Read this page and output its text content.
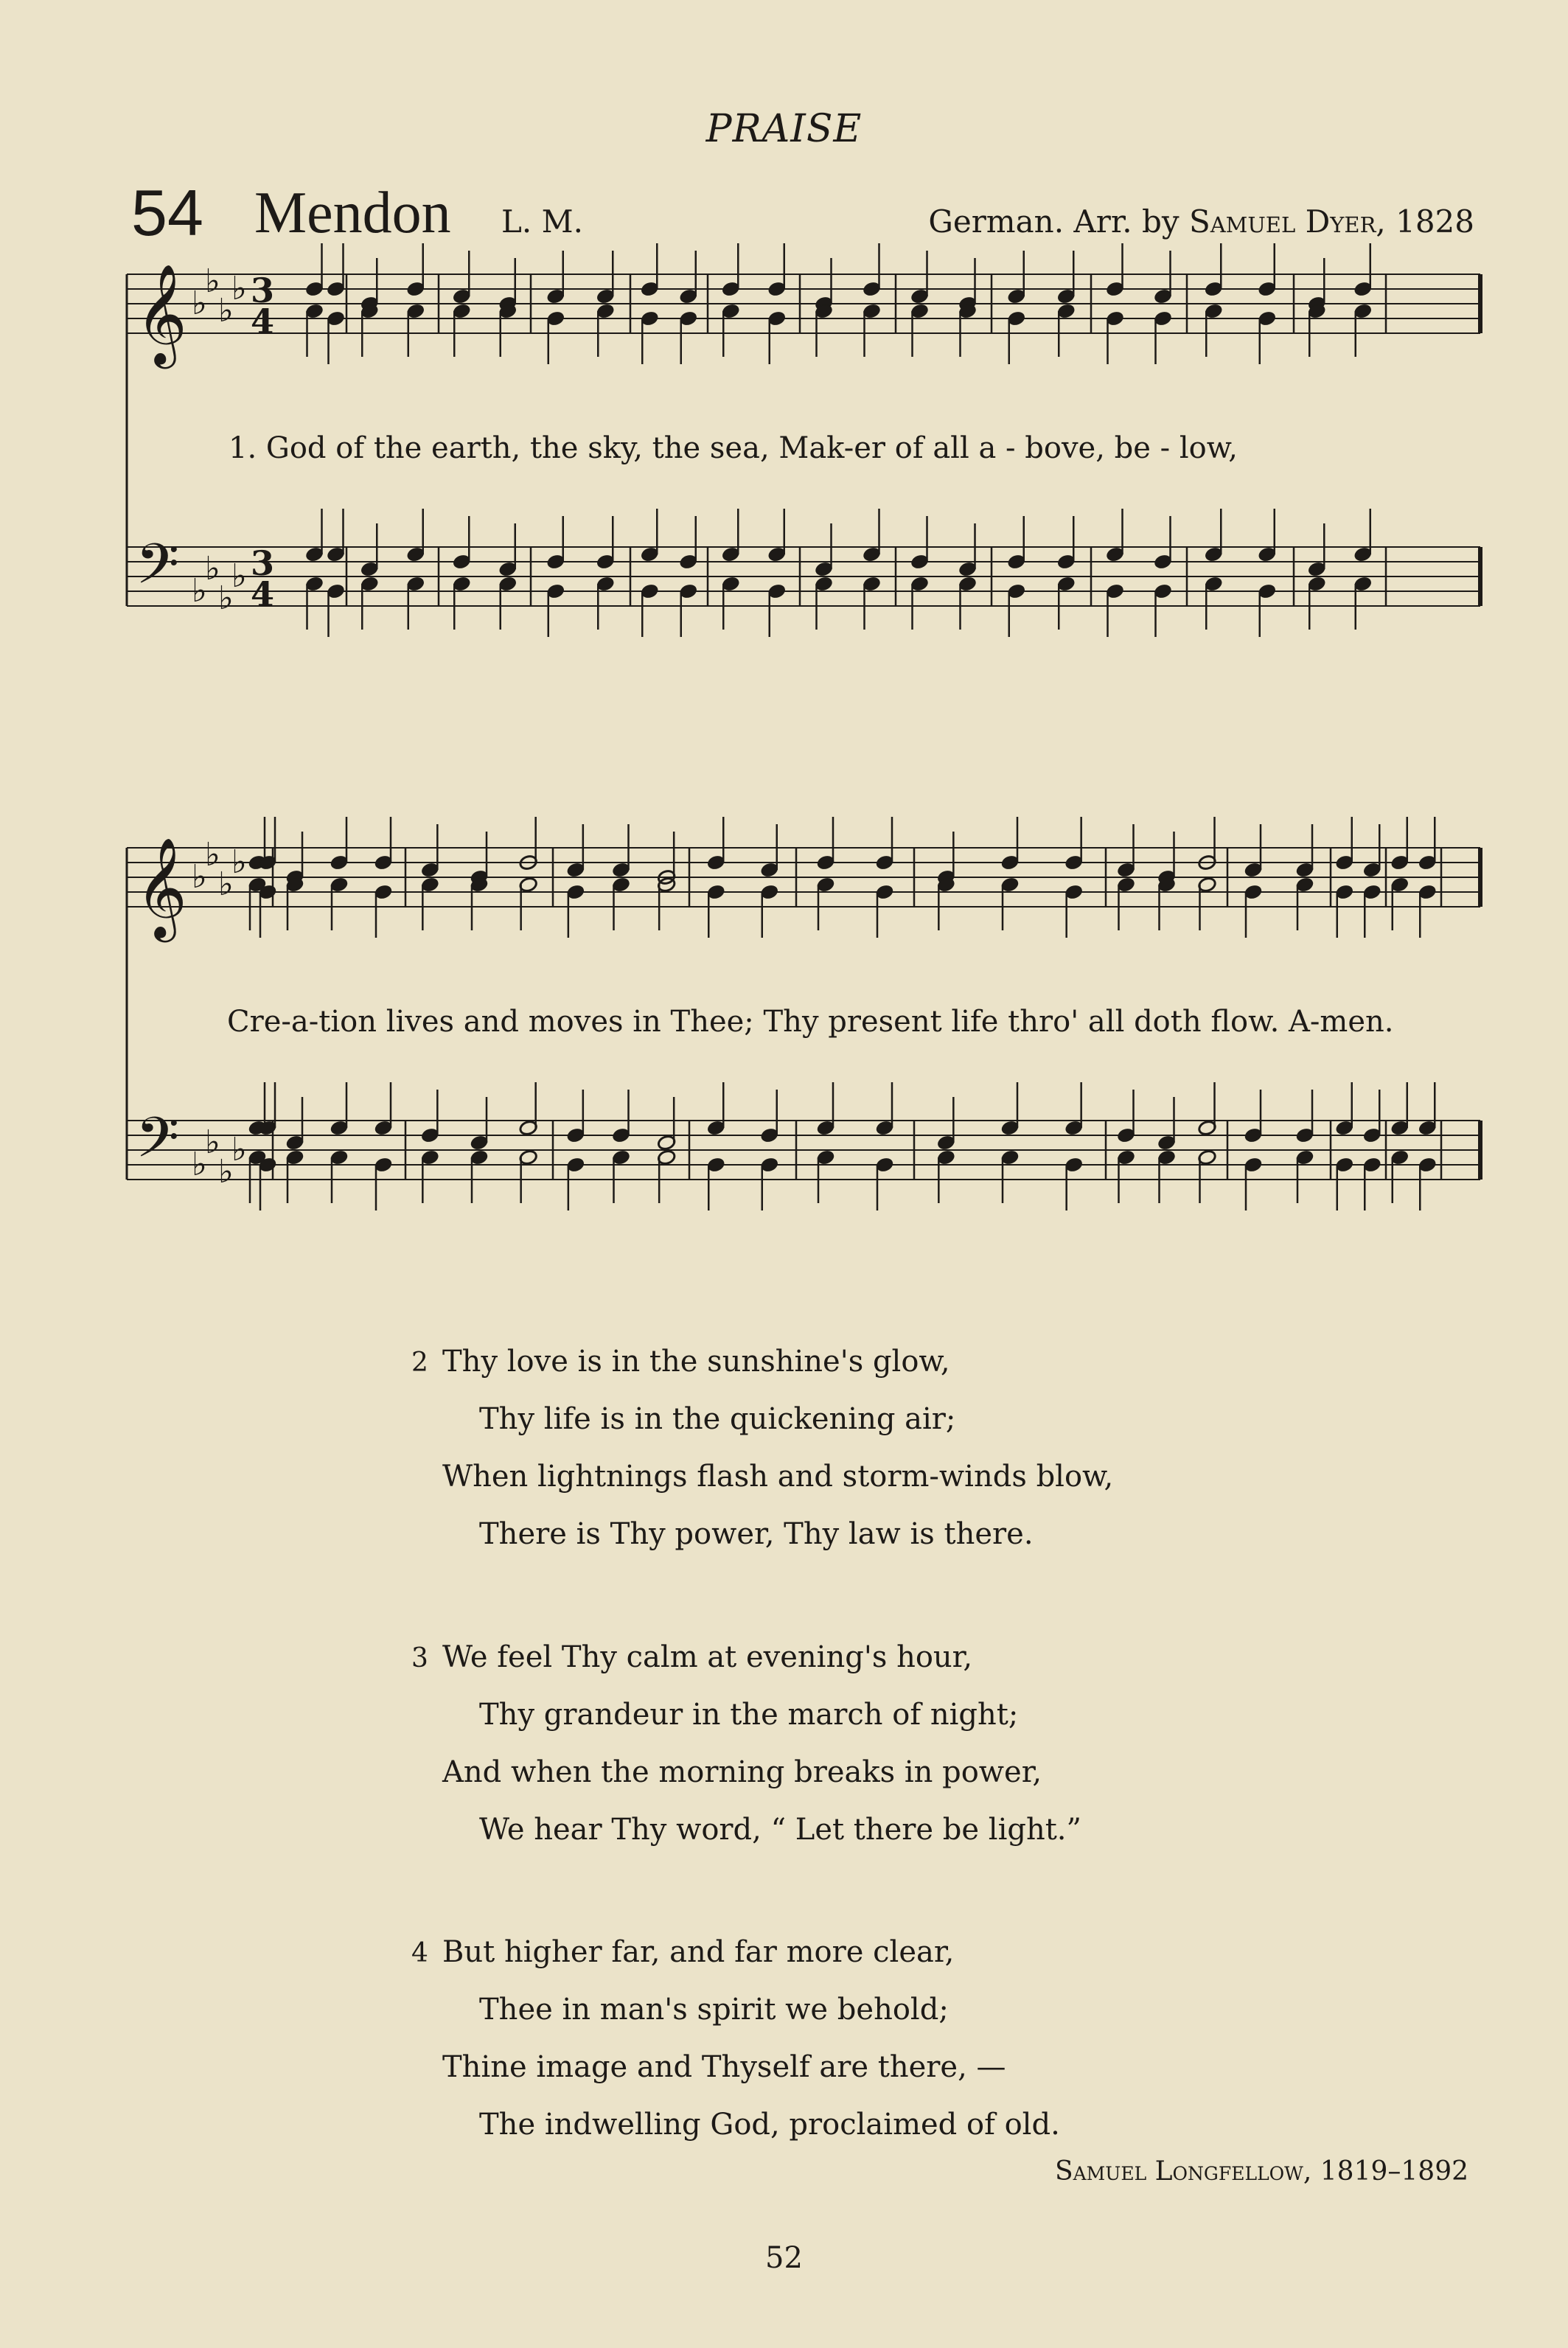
PRAISE
54 Mendon L. M.	German. Arr. by Samuel Dyer, 1828
𝄞
𝄢
♭
♭
♭
♭
♭
♭
♭
♭
3
4
3
4
𝄞
𝄢
♭
♭
♭
♭
♭
♭
♭
♭
1. God of the earth, the sky, the sea, Mak-er of all a - bove, be - low,
Cre-a-tion lives and moves in Thee; Thy present life thro' all doth flow. A-men.
2 Thy love is in the sunshine's glow,
Thy life is in the quickening air;
When lightnings flash and storm-winds blow,
There is Thy power, Thy law is there.
3 We feel Thy calm at evening's hour,
Thy grandeur in the march of night;
And when the morning breaks in power,
We hear Thy word, “ Let there be light.”
4 But higher far, and far more clear,
Thee in man's spirit we behold;
Thine image and Thyself are there, —
The indwelling God, proclaimed of old.
Samuel Longfellow, 1819–1892
52
